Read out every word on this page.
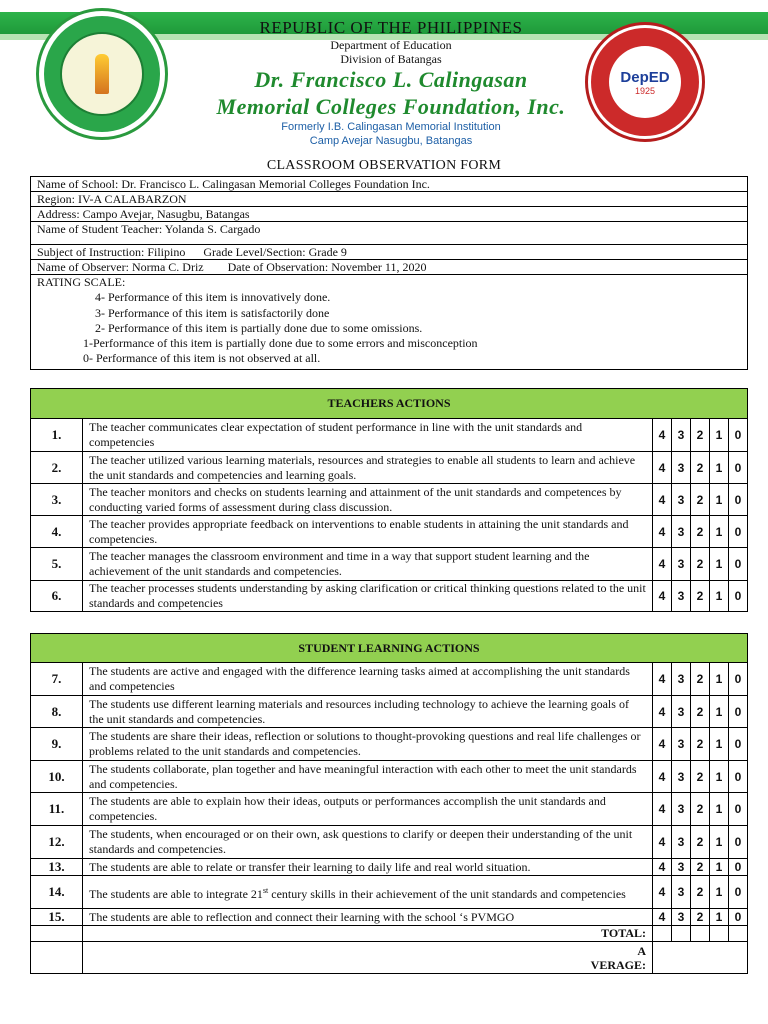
REPUBLIC OF THE PHILIPPINES
Department of Education
Division of Batangas
Dr. Francisco L. Calingasan
Memorial Colleges Foundation, Inc.
Formerly I.B. Calingasan Memorial Institution
Camp Avejar Nasugbu, Batangas
DepED
1925
CLASSROOM OBSERVATION FORM
Name of School: Dr. Francisco L. Calingasan Memorial Colleges Foundation Inc.
Region: IV-A CALABARZON
Address: Campo Avejar, Nasugbu, Batangas
Name of Student Teacher: Yolanda S. Cargado
Subject of Instruction: Filipino Grade Level/Section: Grade 9
Name of Observer: Norma C. Driz Date of Observation: November 11, 2020
RATING SCALE:
4- Performance of this item is innovatively done.
3- Performance of this item is satisfactorily done
2- Performance of this item is partially done due to some omissions.
1-Performance of this item is partially done due to some errors and misconception
0- Performance of this item is not observed at all.
TEACHERS ACTIONS						
1.	The teacher communicates clear expectation of student performance in line with the unit standards and competencies	4	3	2	1	0
2.	The teacher utilized various learning materials, resources and strategies to enable all students to learn and achieve the unit standards and competencies and learning goals.	4	3	2	1	0
3.	The teacher monitors and checks on students learning and attainment of the unit standards and competences by conducting varied forms of assessment during class discussion.	4	3	2	1	0
4.	The teacher provides appropriate feedback on interventions to enable students in attaining the unit standards and competencies.	4	3	2	1	0
5.	The teacher manages the classroom environment and time in a way that support student learning and the achievement of the unit standards and competencies.	4	3	2	1	0
6.	The teacher processes students understanding by asking clarification or critical thinking questions related to the unit standards and competencies	4	3	2	1	0
STUDENT LEARNING ACTIONS						
7.	The students are active and engaged with the difference learning tasks aimed at accomplishing the unit standards and competencies	4	3	2	1	0
8.	The students use different learning materials and resources including technology to achieve the learning goals of the unit standards and competencies.	4	3	2	1	0
9.	The students are share their ideas, reflection or solutions to thought-provoking questions and real life challenges or problems related to the unit standards and competencies.	4	3	2	1	0
10.	The students collaborate, plan together and have meaningful interaction with each other to meet the unit standards and competencies.	4	3	2	1	0
11.	The students are able to explain how their ideas, outputs or performances accomplish the unit standards and competencies.	4	3	2	1	0
12.	The students, when encouraged or on their own, ask questions to clarify or deepen their understanding of the unit standards and competencies.	4	3	2	1	0
13.	The students are able to relate or transfer their learning to daily life and real world situation.	4	3	2	1	0
14.	The students are able to integrate 21st century skills in their achievement of the unit standards and competencies	4	3	2	1	0
15.	The students are able to reflection and connect their learning with the school ‘s PVMGO	4	3	2	1	0
	TOTAL:					

	A
VERAGE:					
